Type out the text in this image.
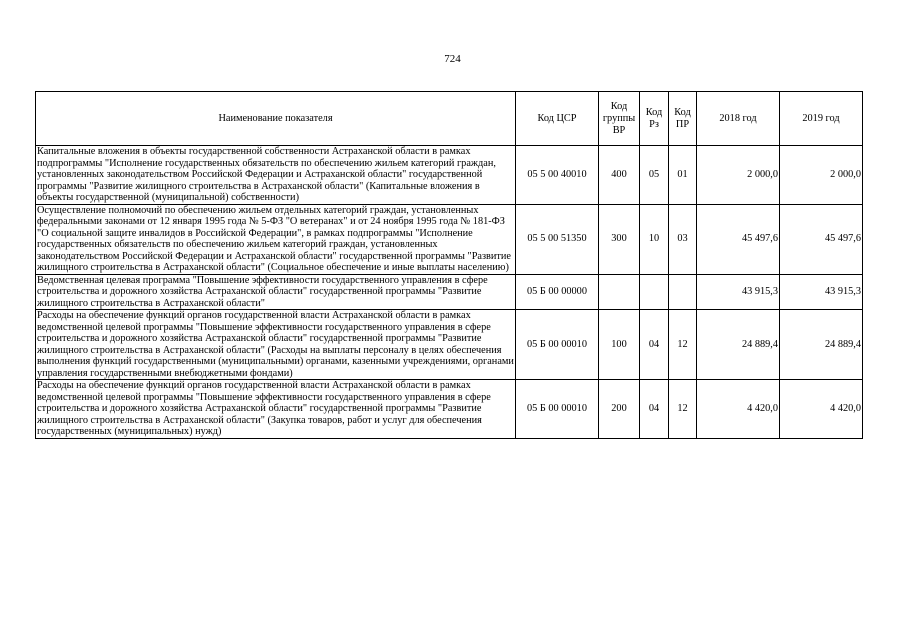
724
Наименование показателя	Код ЦСР	Код группы ВР	Код Рз	Код ПР	2018 год	2019 год
Капитальные вложения в объекты государственной собственности Астраханской области в рамках подпрограммы "Исполнение государственных обязательств по обеспечению жильем категорий граждан, установленных законодательством Российской Федерации и Астраханской области" государственной программы "Развитие жилищного строительства в Астраханской области" (Капитальные вложения в объекты государственной (муниципальной) собственности)	05 5 00 40010	400	05	01	2 000,0	2 000,0
Осуществление полномочий по обеспечению жильем отдельных категорий граждан, установленных федеральными законами от 12 января 1995 года № 5-ФЗ "О ветеранах" и от 24 ноября 1995 года № 181-ФЗ "О социальной защите инвалидов в Российской Федерации", в рамках подпрограммы "Исполнение государственных обязательств по обеспечению жильем категорий граждан, установленных законодательством Российской Федерации и Астраханской области" государственной программы "Развитие жилищного строительства в Астраханской области" (Социальное обеспечение и иные выплаты населению)	05 5 00 51350	300	10	03	45 497,6	45 497,6
Ведомственная целевая программа "Повышение эффективности государственного управления в сфере строительства и дорожного хозяйства Астраханской области" государственной программы "Развитие жилищного строительства в Астраханской области"	05 Б 00 00000				43 915,3	43 915,3
Расходы на обеспечение функций органов государственной власти Астраханской области в рамках ведомственной целевой программы "Повышение эффективности государственного управления в сфере строительства и дорожного хозяйства Астраханской области" государственной программы "Развитие жилищного строительства в Астраханской области" (Расходы на выплаты персоналу в целях обеспечения выполнения функций государственными (муниципальными) органами, казенными учреждениями, органами управления государственными внебюджетными фондами)	05 Б 00 00010	100	04	12	24 889,4	24 889,4
Расходы на обеспечение функций органов государственной власти Астраханской области в рамках ведомственной целевой программы "Повышение эффективности государственного управления в сфере строительства и дорожного хозяйства Астраханской области" государственной программы "Развитие жилищного строительства в Астраханской области" (Закупка товаров, работ и услуг для обеспечения государственных (муниципальных) нужд)	05 Б 00 00010	200	04	12	4 420,0	4 420,0
